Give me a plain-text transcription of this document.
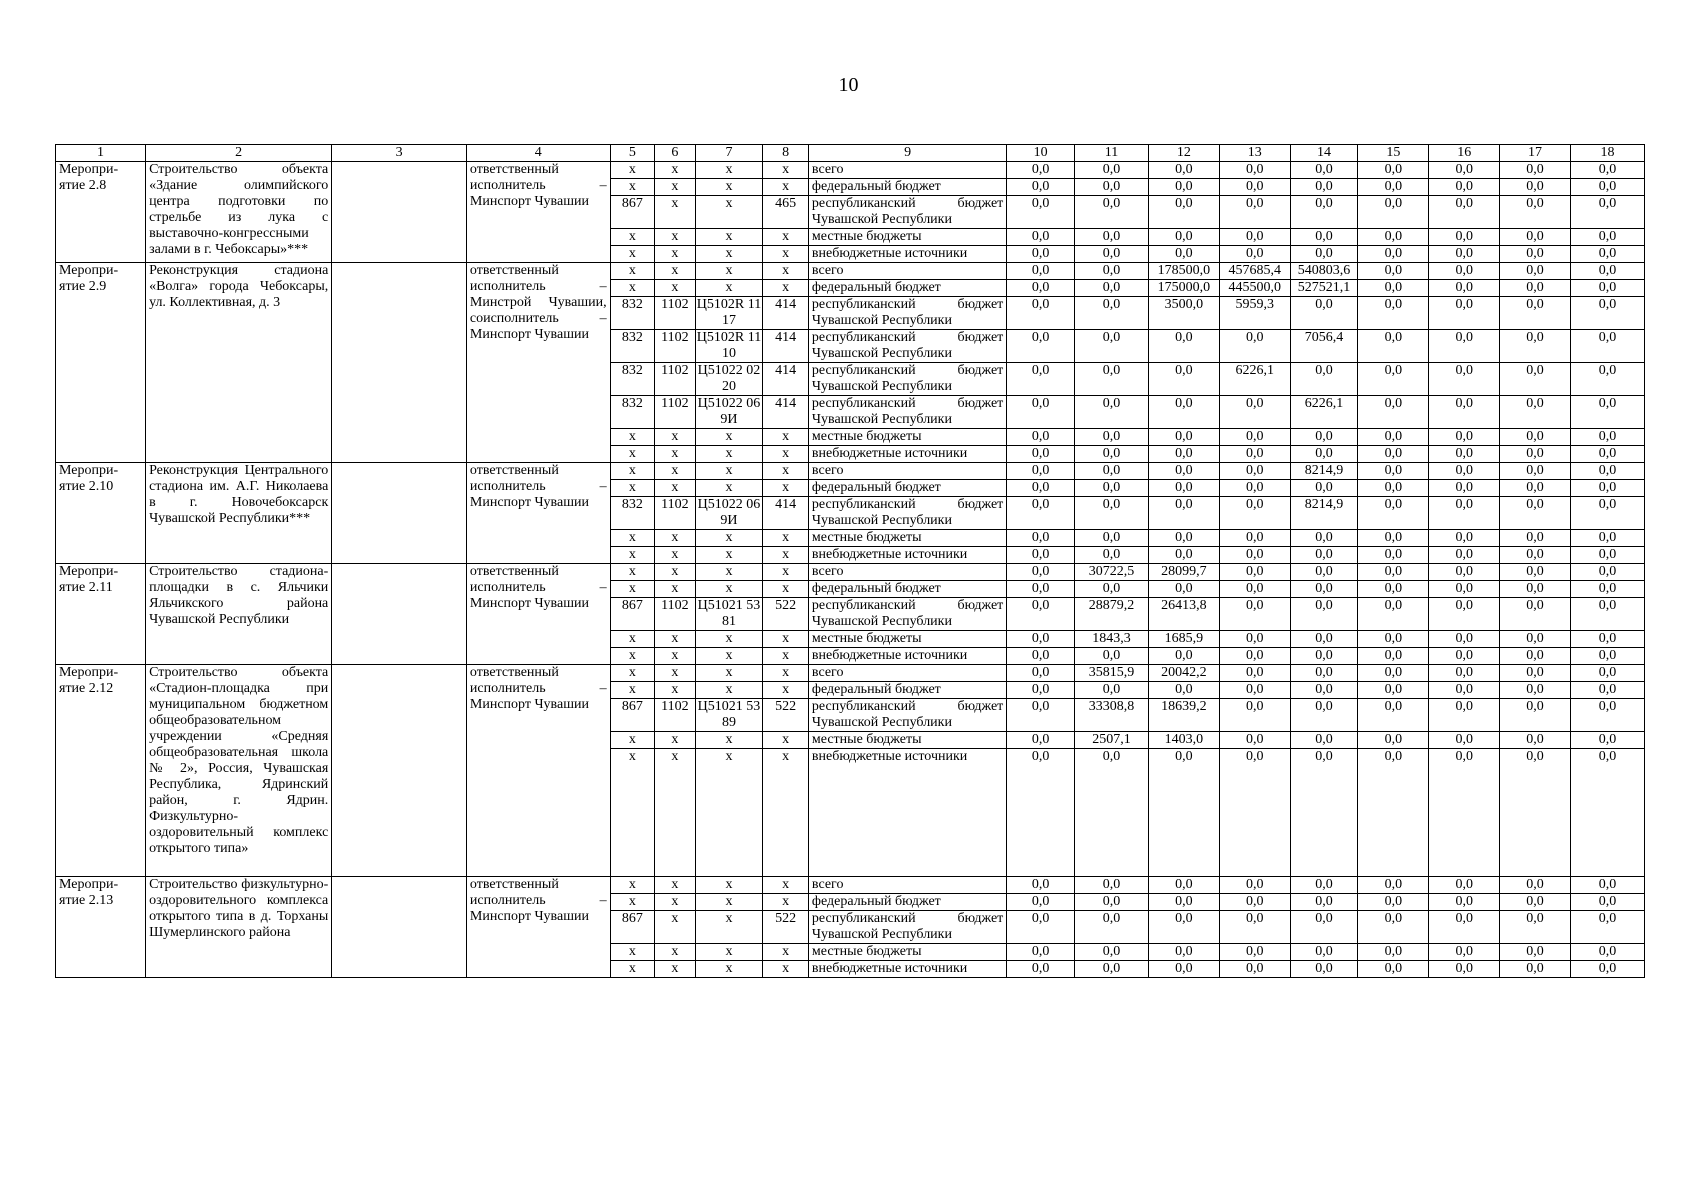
10
1	2	3	4	5	6	7	8	9	10	11	12	13	14	15	16	17	18
Меропри-
ятие 2.8	Строительство объекта «Здание олимпийского центра подготовки по стрельбе из лука с выставочно-конгрессными залами в г. Чебоксары»***		ответственный исполнитель – Минспорт Чувашии	x	x	x	x	всего	0,0	0,0	0,0	0,0	0,0	0,0	0,0	0,0	0,0
				x	x	x	x	федеральный бюджет	0,0	0,0	0,0	0,0	0,0	0,0	0,0	0,0	0,0
				867	x	x	465	республиканский бюджет Чувашской Республики	0,0	0,0	0,0	0,0	0,0	0,0	0,0	0,0	0,0
				x	x	x	x	местные бюджеты	0,0	0,0	0,0	0,0	0,0	0,0	0,0	0,0	0,0
				x	x	x	x	внебюджетные источники	0,0	0,0	0,0	0,0	0,0	0,0	0,0	0,0	0,0
Меропри-
ятие 2.9	Реконструкция стадиона «Волга» города Чебоксары, ул. Коллективная, д. 3		ответственный исполнитель – Минстрой Чувашии, соисполнитель – Минспорт Чувашии	x	x	x	x	всего	0,0	0,0	178500,0	457685,4	540803,6	0,0	0,0	0,0	0,0
				x	x	x	x	федеральный бюджет	0,0	0,0	175000,0	445500,0	527521,1	0,0	0,0	0,0	0,0
				832	1102	Ц5102R 1117	414	республиканский бюджет Чувашской Республики	0,0	0,0	3500,0	5959,3	0,0	0,0	0,0	0,0	0,0
				832	1102	Ц5102R 1110	414	республиканский бюджет Чувашской Республики	0,0	0,0	0,0	0,0	7056,4	0,0	0,0	0,0	0,0
				832	1102	Ц51022 0220	414	республиканский бюджет Чувашской Республики	0,0	0,0	0,0	6226,1	0,0	0,0	0,0	0,0	0,0
				832	1102	Ц51022 069И	414	республиканский бюджет Чувашской Республики	0,0	0,0	0,0	0,0	6226,1	0,0	0,0	0,0	0,0
				x	x	x	x	местные бюджеты	0,0	0,0	0,0	0,0	0,0	0,0	0,0	0,0	0,0
				x	x	x	x	внебюджетные источники	0,0	0,0	0,0	0,0	0,0	0,0	0,0	0,0	0,0
Меропри-
ятие 2.10	Реконструкция Центрального стадиона им. А.Г. Николаева в г. Новочебоксарск Чувашской Республики***		ответственный исполнитель – Минспорт Чувашии	x	x	x	x	всего	0,0	0,0	0,0	0,0	8214,9	0,0	0,0	0,0	0,0
				x	x	x	x	федеральный бюджет	0,0	0,0	0,0	0,0	0,0	0,0	0,0	0,0	0,0
				832	1102	Ц51022 069И	414	республиканский бюджет Чувашской Республики	0,0	0,0	0,0	0,0	8214,9	0,0	0,0	0,0	0,0
				x	x	x	x	местные бюджеты	0,0	0,0	0,0	0,0	0,0	0,0	0,0	0,0	0,0
				x	x	x	x	внебюджетные источники	0,0	0,0	0,0	0,0	0,0	0,0	0,0	0,0	0,0
Меропри-
ятие 2.11	Строительство стадиона-площадки в с. Яльчики Яльчикского района Чувашской Республики		ответственный исполнитель – Минспорт Чувашии	x	x	x	x	всего	0,0	30722,5	28099,7	0,0	0,0	0,0	0,0	0,0	0,0
				x	x	x	x	федеральный бюджет	0,0	0,0	0,0	0,0	0,0	0,0	0,0	0,0	0,0
				867	1102	Ц51021 5381	522	республиканский бюджет Чувашской Республики	0,0	28879,2	26413,8	0,0	0,0	0,0	0,0	0,0	0,0
				x	x	x	x	местные бюджеты	0,0	1843,3	1685,9	0,0	0,0	0,0	0,0	0,0	0,0
				x	x	x	x	внебюджетные источники	0,0	0,0	0,0	0,0	0,0	0,0	0,0	0,0	0,0
Меропри-
ятие 2.12	Строительство объекта «Стадион-площадка при муниципальном бюджетном общеобразовательном учреждении «Средняя общеобразовательная школа № 2», Россия, Чувашская Республика, Ядринский район, г. Ядрин. Физкультурно-оздоровительный комплекс открытого типа»		ответственный исполнитель – Минспорт Чувашии	x	x	x	x	всего	0,0	35815,9	20042,2	0,0	0,0	0,0	0,0	0,0	0,0
				x	x	x	x	федеральный бюджет	0,0	0,0	0,0	0,0	0,0	0,0	0,0	0,0	0,0
				867	1102	Ц51021 5389	522	республиканский бюджет Чувашской Республики	0,0	33308,8	18639,2	0,0	0,0	0,0	0,0	0,0	0,0
				x	x	x	x	местные бюджеты	0,0	2507,1	1403,0	0,0	0,0	0,0	0,0	0,0	0,0
				x	x	x	x	внебюджетные источники	0,0	0,0	0,0	0,0	0,0	0,0	0,0	0,0	0,0
Меропри-
ятие 2.13	Строительство физкультурно-оздоровительного комплекса открытого типа в д. Торханы Шумерлинского района		ответственный исполнитель – Минспорт Чувашии	x	x	x	x	всего	0,0	0,0	0,0	0,0	0,0	0,0	0,0	0,0	0,0
				x	x	x	x	федеральный бюджет	0,0	0,0	0,0	0,0	0,0	0,0	0,0	0,0	0,0
				867	x	x	522	республиканский бюджет Чувашской Республики	0,0	0,0	0,0	0,0	0,0	0,0	0,0	0,0	0,0
				x	x	x	x	местные бюджеты	0,0	0,0	0,0	0,0	0,0	0,0	0,0	0,0	0,0
				x	x	x	x	внебюджетные источники	0,0	0,0	0,0	0,0	0,0	0,0	0,0	0,0	0,0
